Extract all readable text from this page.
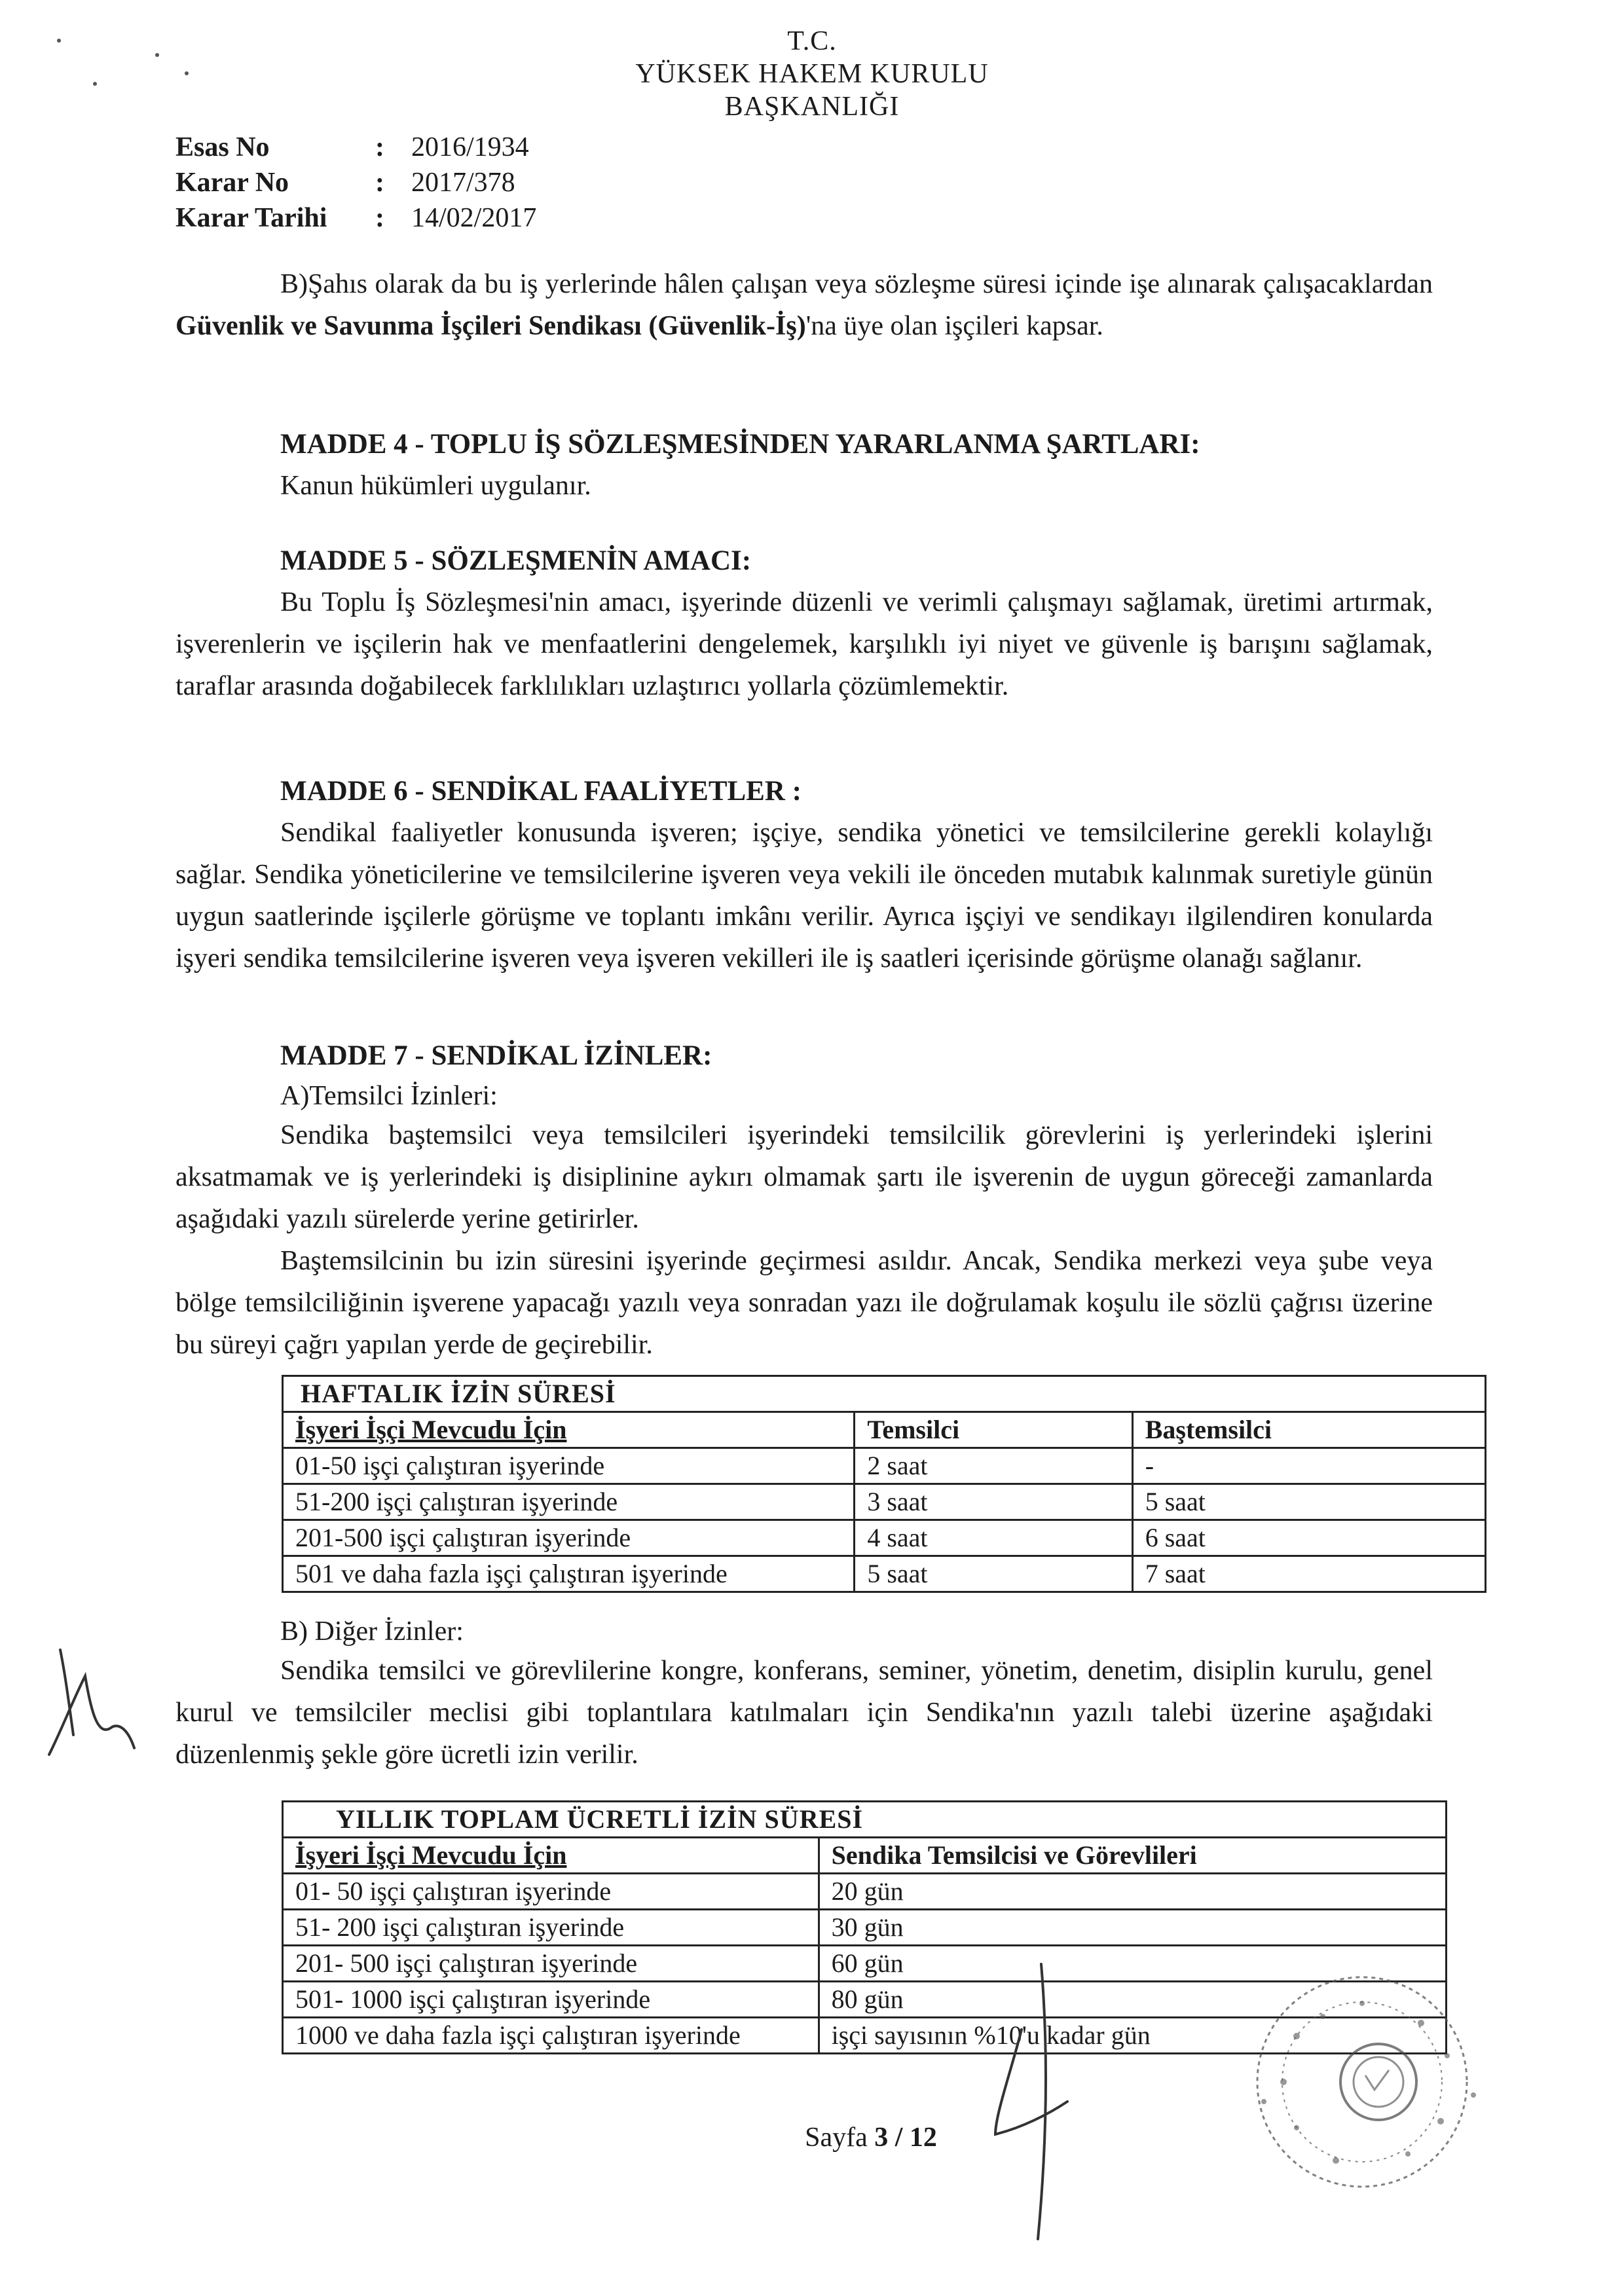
T.C.
YÜKSEK HAKEM KURULU
BAŞKANLIĞI
Esas No	: 2016/1934
Karar No	: 2017/378
Karar Tarihi	: 14/02/2017
B)Şahıs olarak da bu iş yerlerinde hâlen çalışan veya sözleşme süresi içinde işe alınarak çalışacaklardan Güvenlik ve Savunma İşçileri Sendikası (Güvenlik-İş)'na üye olan işçileri kapsar.
MADDE 4 - TOPLU İŞ SÖZLEŞMESİNDEN YARARLANMA ŞARTLARI:
Kanun hükümleri uygulanır.
MADDE 5 - SÖZLEŞMENİN AMACI:
Bu Toplu İş Sözleşmesi'nin amacı, işyerinde düzenli ve verimli çalışmayı sağlamak, üretimi artırmak, işverenlerin ve işçilerin hak ve menfaatlerini dengelemek, karşılıklı iyi niyet ve güvenle iş barışını sağlamak, taraflar arasında doğabilecek farklılıkları uzlaştırıcı yollarla çözümlemektir.
MADDE 6 - SENDİKAL FAALİYETLER :
Sendikal faaliyetler konusunda işveren; işçiye, sendika yönetici ve temsilcilerine gerekli kolaylığı sağlar. Sendika yöneticilerine ve temsilcilerine işveren veya vekili ile önceden mutabık kalınmak suretiyle günün uygun saatlerinde işçilerle görüşme ve toplantı imkânı verilir. Ayrıca işçiyi ve sendikayı ilgilendiren konularda işyeri sendika temsilcilerine işveren veya işveren vekilleri ile iş saatleri içerisinde görüşme olanağı sağlanır.
MADDE 7 - SENDİKAL İZİNLER:
A)Temsilci İzinleri:
Sendika baştemsilci veya temsilcileri işyerindeki temsilcilik görevlerini iş yerlerindeki işlerini aksatmamak ve iş yerlerindeki iş disiplinine aykırı olmamak şartı ile işverenin de uygun göreceği zamanlarda aşağıdaki yazılı sürelerde yerine getirirler.
Baştemsilcinin bu izin süresini işyerinde geçirmesi asıldır. Ancak, Sendika merkezi veya şube veya bölge temsilciliğinin işverene yapacağı yazılı veya sonradan yazı ile doğrulamak koşulu ile sözlü çağrısı üzerine bu süreyi çağrı yapılan yerde de geçirebilir.
HAFTALIK İZİN SÜRESİ		
İşyeri İşçi Mevcudu İçin	Temsilci	Baştemsilci
01-50 işçi çalıştıran işyerinde	2 saat	-
51-200 işçi çalıştıran işyerinde	3 saat	5 saat
201-500 işçi çalıştıran işyerinde	4 saat	6 saat
501 ve daha fazla işçi çalıştıran işyerinde	5 saat	7 saat
B) Diğer İzinler:
Sendika temsilci ve görevlilerine kongre, konferans, seminer, yönetim, denetim, disiplin kurulu, genel kurul ve temsilciler meclisi gibi toplantılara katılmaları için Sendika'nın yazılı talebi üzerine aşağıdaki düzenlenmiş şekle göre ücretli izin verilir.
YILLIK TOPLAM ÜCRETLİ İZİN SÜRESİ	
İşyeri İşçi Mevcudu İçin	Sendika Temsilcisi ve Görevlileri
01- 50 işçi çalıştıran işyerinde	20 gün
51- 200 işçi çalıştıran işyerinde	30 gün
201- 500 işçi çalıştıran işyerinde	60 gün
501- 1000 işçi çalıştıran işyerinde	80 gün
1000 ve daha fazla işçi çalıştıran işyerinde	işçi sayısının %10'u kadar gün
Sayfa 3 / 12
